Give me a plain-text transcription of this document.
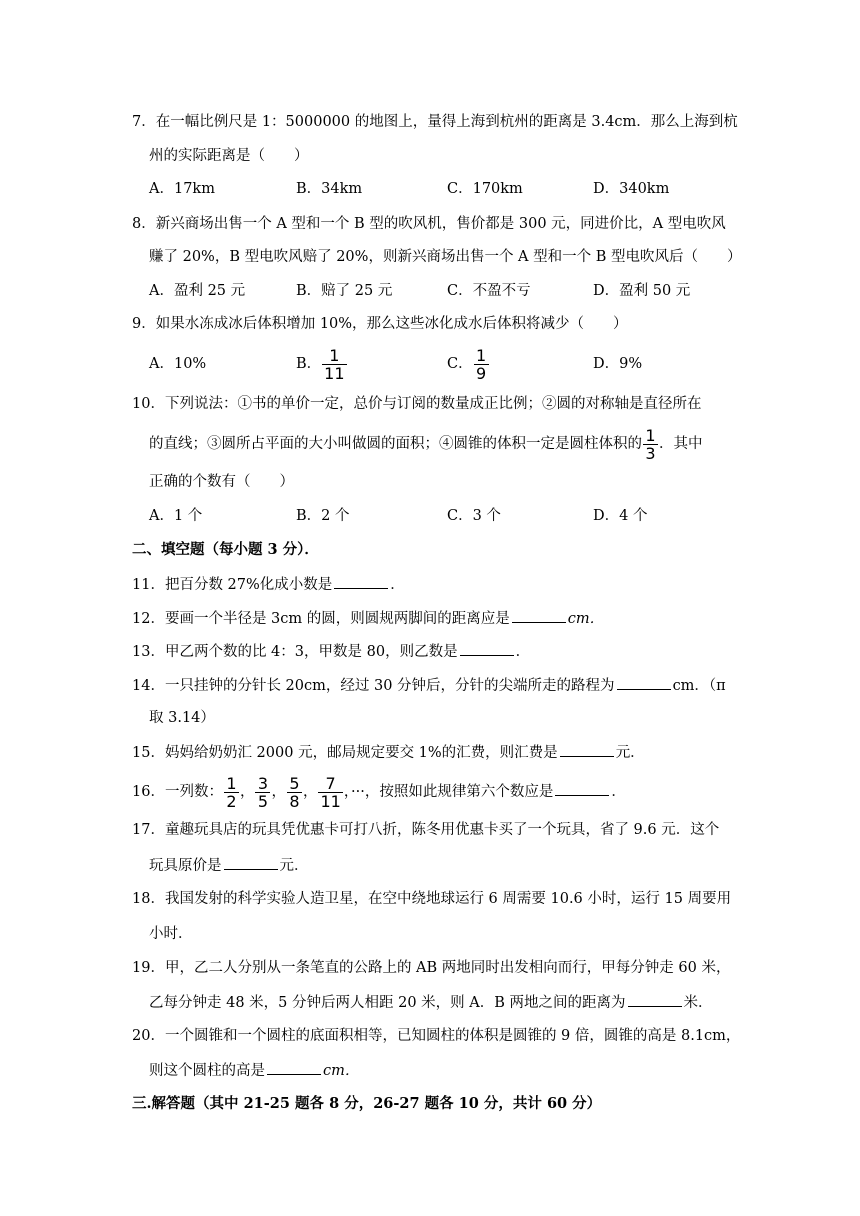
7．在一幅比例尺是 1：5000000 的地图上，量得上海到杭州的距离是 3.4cm．那么上海到杭
州的实际距离是（　　）
A．17km	B．34km	C．170km	D．340km
8．新兴商场出售一个 A 型和一个 B 型的吹风机，售价都是 300 元，同进价比，A 型电吹风
赚了 20%，B 型电吹风赔了 20%，则新兴商场出售一个 A 型和一个 B 型电吹风后（　　）
A．盈利 25 元	B．赔了 25 元	C．不盈不亏	D．盈利 50 元
9．如果水冻成冰后体积增加 10%，那么这些冰化成水后体积将减少（　　）
A．10%	B． $\frac{1}{11}$	C． $\frac{1}{9}$	D．9%
10．下列说法：①书的单价一定，总价与订阅的数量成正比例；②圆的对称轴是直径所在
的直线；③圆所占平面的大小叫做圆的面积；④圆锥的体积一定是圆柱体积的 $\frac{1}{3}$ ．其中
正确的个数有（　　）
A．1 个	B．2 个	C．3 个	D．4 个
二、填空题（每小题 3 分）．
11．把百分数 27%化成小数是	．
12．要画一个半径是 3cm 的圆，则圆规两脚间的距离应是	cm．
13．甲乙两个数的比 4：3，甲数是 80，则乙数是	．
14．一只挂钟的分针长 20cm，经过 30 分钟后，分针的尖端所走的路程为	cm．（π
取 3.14）
15．妈妈给奶奶汇 2000 元，邮局规定要交 1%的汇费，则汇费是	元．
16．一列数： $\frac{1}{2}$ ， $\frac{3}{5}$ ， $\frac{5}{8}$ ， $\frac{7}{11}$ ，···，按照如此规律第六个数应是	．
17．童趣玩具店的玩具凭优惠卡可打八折，陈冬用优惠卡买了一个玩具，省了 9.6 元．这个
玩具原价是	元．
18．我国发射的科学实验人造卫星，在空中绕地球运行 6 周需要 10.6 小时，运行 15 周要用
小时．
19．甲，乙二人分别从一条笔直的公路上的 AB 两地同时出发相向而行，甲每分钟走 60 米，
乙每分钟走 48 米，5 分钟后两人相距 20 米，则 A．B 两地之间的距离为	米．
20．一个圆锥和一个圆柱的底面积相等，已知圆柱的体积是圆锥的 9 倍，圆锥的高是 8.1cm，
则这个圆柱的高是	cm．
三.解答题（其中 21-25 题各 8 分，26-27 题各 10 分，共计 60 分）
